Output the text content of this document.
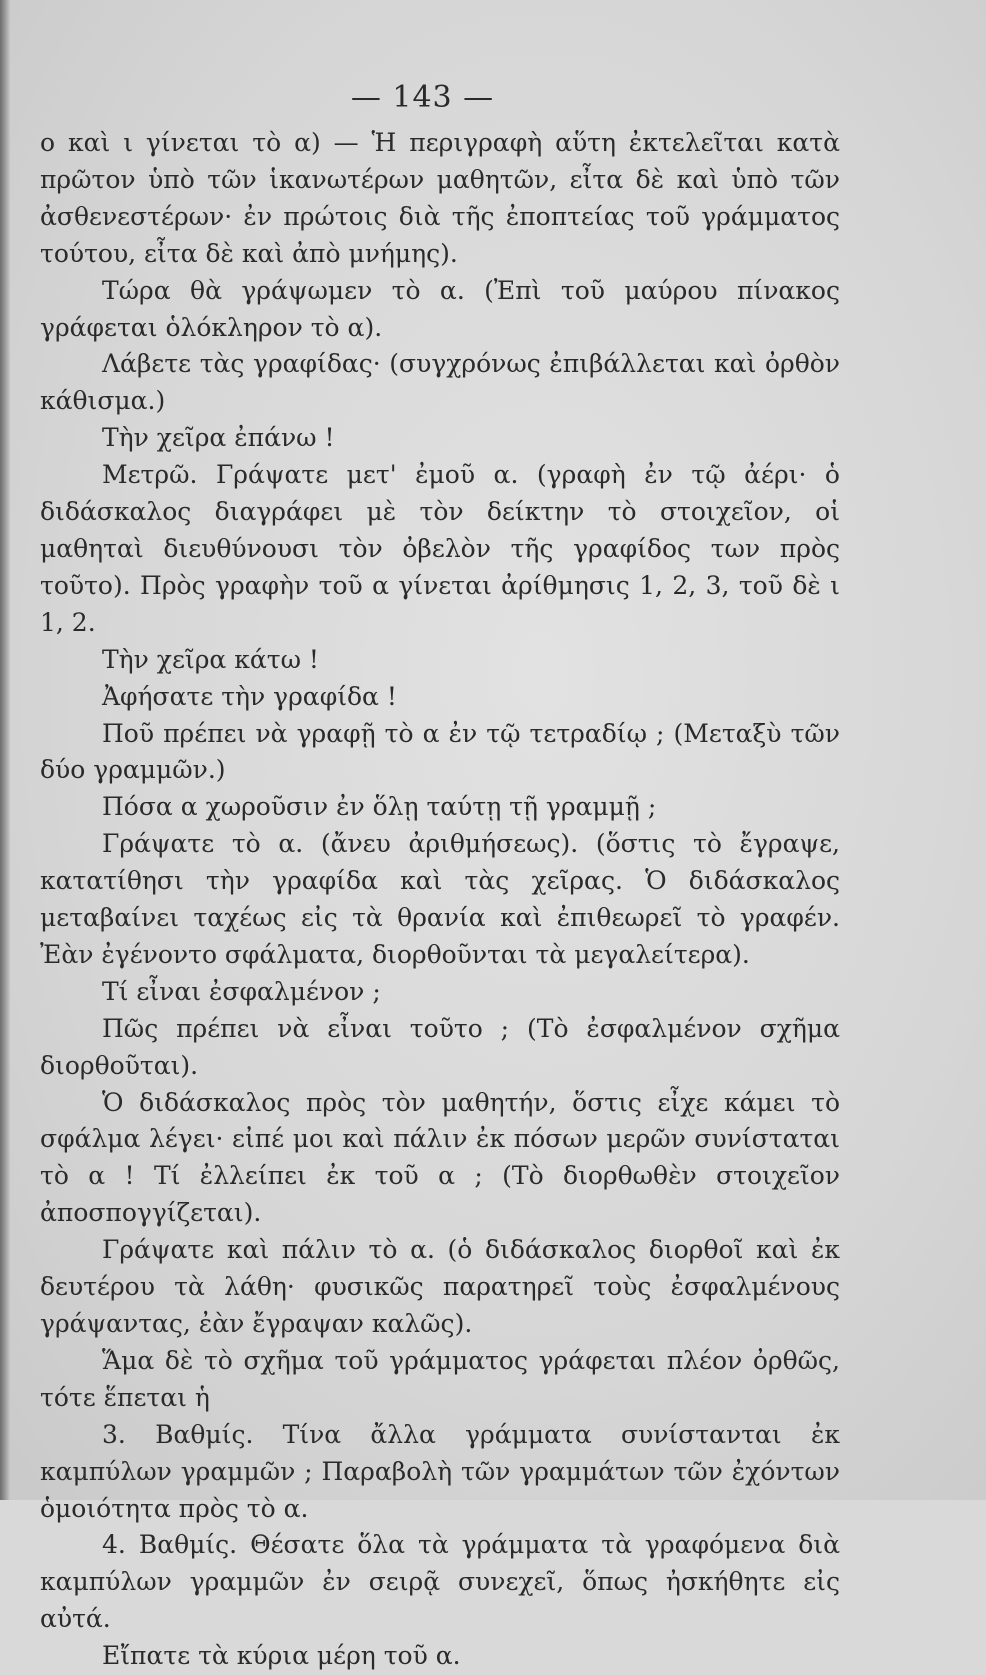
— 143 —

ο καὶ ι γίνεται τὸ α) — Ἡ περιγραφὴ αὕτη ἐκτελεῖται κατὰ πρῶτον ὑπὸ τῶν ἱκανωτέρων μαθητῶν, εἶτα δὲ καὶ ὑπὸ τῶν ἀσθενεστέρων· ἐν πρώτοις διὰ τῆς ἐποπτείας τοῦ γράμματος τούτου, εἶτα δὲ καὶ ἀπὸ μνήμης).

Τώρα θὰ γράψωμεν τὸ α. (Ἐπὶ τοῦ μαύρου πίνακος γράφεται ὁλόκληρον τὸ α).

Λάβετε τὰς γραφίδας· (συγχρόνως ἐπιβάλλεται καὶ ὀρθὸν κάθισμα.)

Τὴν χεῖρα ἐπάνω !

Μετρῶ. Γράψατε μετ' ἐμοῦ α. (γραφὴ ἐν τῷ ἀέρι· ὁ διδάσκαλος διαγράφει μὲ τὸν δείκτην τὸ στοιχεῖον, οἱ μαθηταὶ διευθύνουσι τὸν ὀβελὸν τῆς γραφίδος των πρὸς τοῦτο). Πρὸς γραφὴν τοῦ α γίνεται ἀρίθμησις 1, 2, 3, τοῦ δὲ ι 1, 2.

Τὴν χεῖρα κάτω !

Ἀφήσατε τὴν γραφίδα !

Ποῦ πρέπει νὰ γραφῇ τὸ α ἐν τῷ τετραδίῳ ; (Μεταξὺ τῶν δύο γραμμῶν.)

Πόσα α χωροῦσιν ἐν ὅλῃ ταύτῃ τῇ γραμμῇ ;

Γράψατε τὸ α. (ἄνευ ἀριθμήσεως). (ὅστις τὸ ἔγραψε, κατατίθησι τὴν γραφίδα καὶ τὰς χεῖρας. Ὁ διδάσκαλος μεταβαίνει ταχέως εἰς τὰ θρανία καὶ ἐπιθεωρεῖ τὸ γραφέν. Ἐὰν ἐγένοντο σφάλματα, διορθοῦνται τὰ μεγαλείτερα).

Τί εἶναι ἐσφαλμένον ;

Πῶς πρέπει νὰ εἶναι τοῦτο ; (Τὸ ἐσφαλμένον σχῆμα διορθοῦται).

Ὁ διδάσκαλος πρὸς τὸν μαθητήν, ὅστις εἶχε κάμει τὸ σφάλμα λέγει· εἰπέ μοι καὶ πάλιν ἐκ πόσων μερῶν συνίσταται τὸ α ! Τί ἐλλείπει ἐκ τοῦ α ; (Τὸ διορθωθὲν στοιχεῖον ἀποσπογγίζεται).

Γράψατε καὶ πάλιν τὸ α. (ὁ διδάσκαλος διορθοῖ καὶ ἐκ δευτέρου τὰ λάθη· φυσικῶς παρατηρεῖ τοὺς ἐσφαλμένους γράψαντας, ἐὰν ἔγραψαν καλῶς).

Ἅμα δὲ τὸ σχῆμα τοῦ γράμματος γράφεται πλέον ὀρθῶς, τότε ἕπεται ἡ

3. Βαθμίς. Τίνα ἄλλα γράμματα συνίστανται ἐκ καμπύλων γραμμῶν ; Παραβολὴ τῶν γραμμάτων τῶν ἐχόντων ὁμοιότητα πρὸς τὸ α.

4. Βαθμίς. Θέσατε ὅλα τὰ γράμματα τὰ γραφόμενα διὰ καμπύλων γραμμῶν ἐν σειρᾷ συνεχεῖ, ὅπως ἠσκήθητε εἰς αὐτά.

Εἴπατε τὰ κύρια μέρη τοῦ α.
